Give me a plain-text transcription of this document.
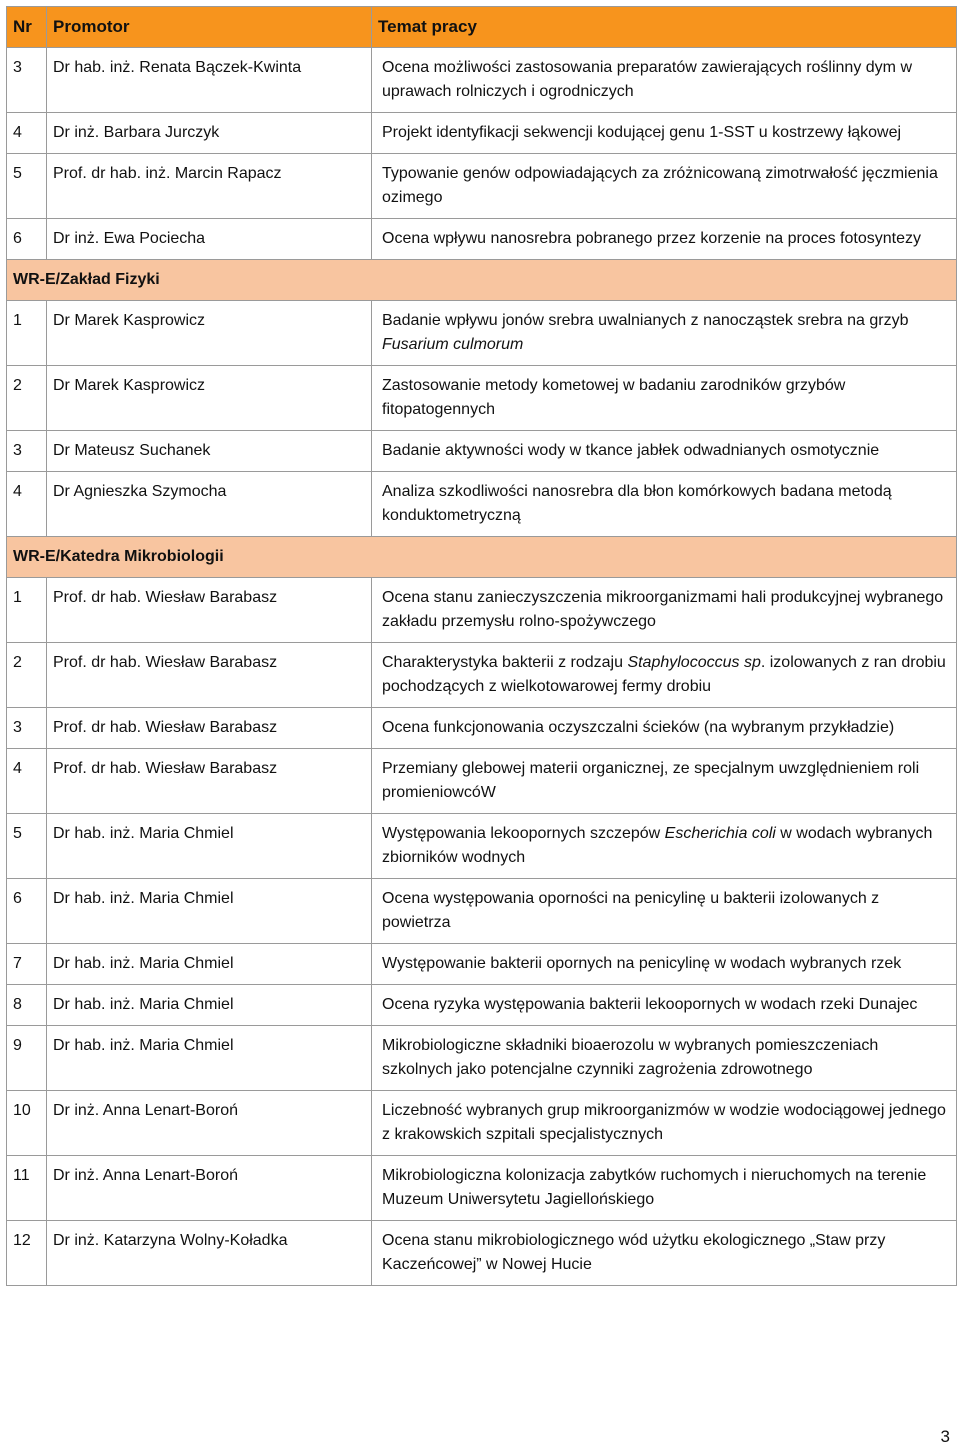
Nr	Promotor	Temat pracy
3	Dr hab. inż. Renata Bączek-Kwinta	Ocena możliwości zastosowania preparatów zawierających roślinny dym w uprawach rolniczych i ogrodniczych
4	Dr inż. Barbara Jurczyk	Projekt identyfikacji sekwencji kodującej genu 1-SST u kostrzewy łąkowej
5	Prof. dr hab. inż. Marcin Rapacz	Typowanie genów odpowiadających za zróżnicowaną zimotrwałość jęczmienia ozimego
6	Dr inż. Ewa Pociecha	Ocena wpływu nanosrebra pobranego przez korzenie na proces fotosyntezy
WR-E/Zakład Fizyki		
1	Dr Marek Kasprowicz	Badanie wpływu jonów srebra uwalnianych z nanocząstek srebra na grzyb Fusarium culmorum
2	Dr Marek Kasprowicz	Zastosowanie metody kometowej w badaniu zarodników grzybów fitopatogennych
3	Dr Mateusz Suchanek	Badanie aktywności wody w tkance jabłek odwadnianych osmotycznie
4	Dr Agnieszka Szymocha	Analiza szkodliwości nanosrebra dla błon komórkowych badana metodą konduktometryczną
WR-E/Katedra Mikrobiologii		
1	Prof. dr hab. Wiesław Barabasz	Ocena stanu zanieczyszczenia mikroorganizmami hali produkcyjnej wybranego zakładu przemysłu rolno-spożywczego
2	Prof. dr hab. Wiesław Barabasz	Charakterystyka bakterii z rodzaju Staphylococcus sp. izolowanych z ran drobiu pochodzących z wielkotowarowej fermy drobiu
3	Prof. dr hab. Wiesław Barabasz	Ocena funkcjonowania oczyszczalni ścieków (na wybranym przykładzie)
4	Prof. dr hab. Wiesław Barabasz	Przemiany glebowej materii organicznej, ze specjalnym uwzględnieniem roli promieniowcóW
5	Dr hab. inż. Maria Chmiel	Występowania lekoopornych szczepów Escherichia coli w wodach wybranych zbiorników wodnych
6	Dr hab. inż. Maria Chmiel	Ocena występowania oporności na penicylinę u bakterii izolowanych z powietrza
7	Dr hab. inż. Maria Chmiel	Występowanie bakterii opornych na penicylinę w wodach wybranych rzek
8	Dr hab. inż. Maria Chmiel	Ocena ryzyka występowania bakterii lekoopornych w wodach rzeki Dunajec
9	Dr hab. inż. Maria Chmiel	Mikrobiologiczne składniki bioaerozolu w wybranych pomieszczeniach szkolnych jako potencjalne czynniki zagrożenia zdrowotnego
10	Dr inż. Anna Lenart-Boroń	Liczebność wybranych grup mikroorganizmów w wodzie wodociągowej jednego z krakowskich szpitali specjalistycznych
11	Dr inż. Anna Lenart-Boroń	Mikrobiologiczna kolonizacja zabytków ruchomych i nieruchomych na terenie Muzeum Uniwersytetu Jagiellońskiego
12	Dr inż. Katarzyna Wolny-Koładka	Ocena stanu mikrobiologicznego wód użytku ekologicznego „Staw przy Kaczeńcowej” w Nowej Hucie
3
